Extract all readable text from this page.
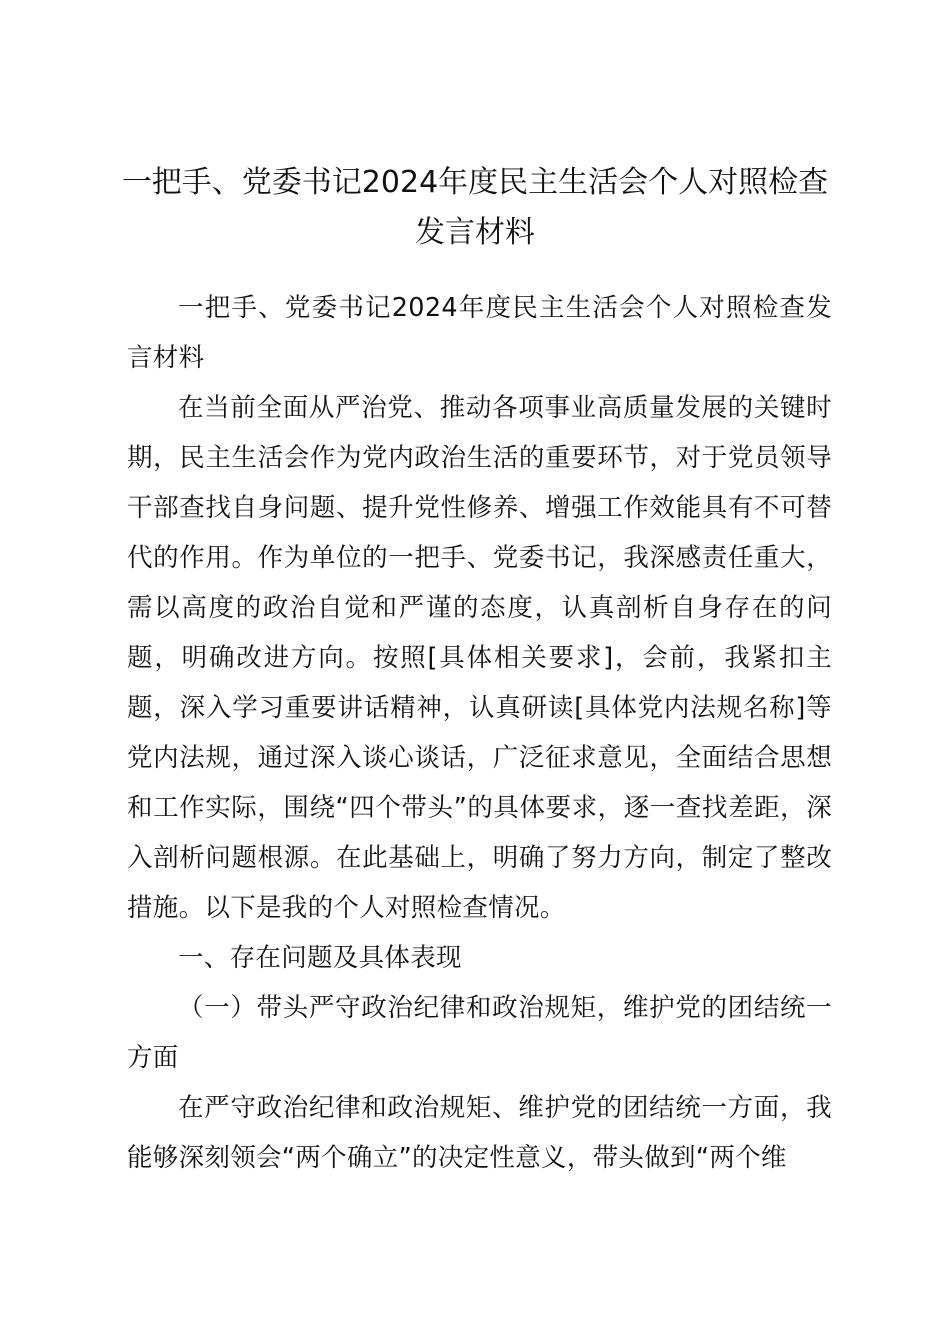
一把手、党委书记2024年度民主生活会个人对照检查发言材料

一把手、党委书记2024年度民主生活会个人对照检查发言材料

在当前全面从严治党、推动各项事业高质量发展的关键时期，民主生活会作为党内政治生活的重要环节，对于党员领导干部查找自身问题、提升党性修养、增强工作效能具有不可替代的作用。作为单位的一把手、党委书记，我深感责任重大，需以高度的政治自觉和严谨的态度，认真剖析自身存在的问题，明确改进方向。按照[具体相关要求]，会前，我紧扣主题，深入学习重要讲话精神，认真研读[具体党内法规名称]等党内法规，通过深入谈心谈话，广泛征求意见，全面结合思想和工作实际，围绕“四个带头”的具体要求，逐一查找差距，深入剖析问题根源。在此基础上，明确了努力方向，制定了整改措施。以下是我的个人对照检查情况。

一、存在问题及具体表现

（一）带头严守政治纪律和政治规矩，维护党的团结统一方面

在严守政治纪律和政治规矩、维护党的团结统一方面，我能够深刻领会“两个确立”的决定性意义，带头做到“两个维
